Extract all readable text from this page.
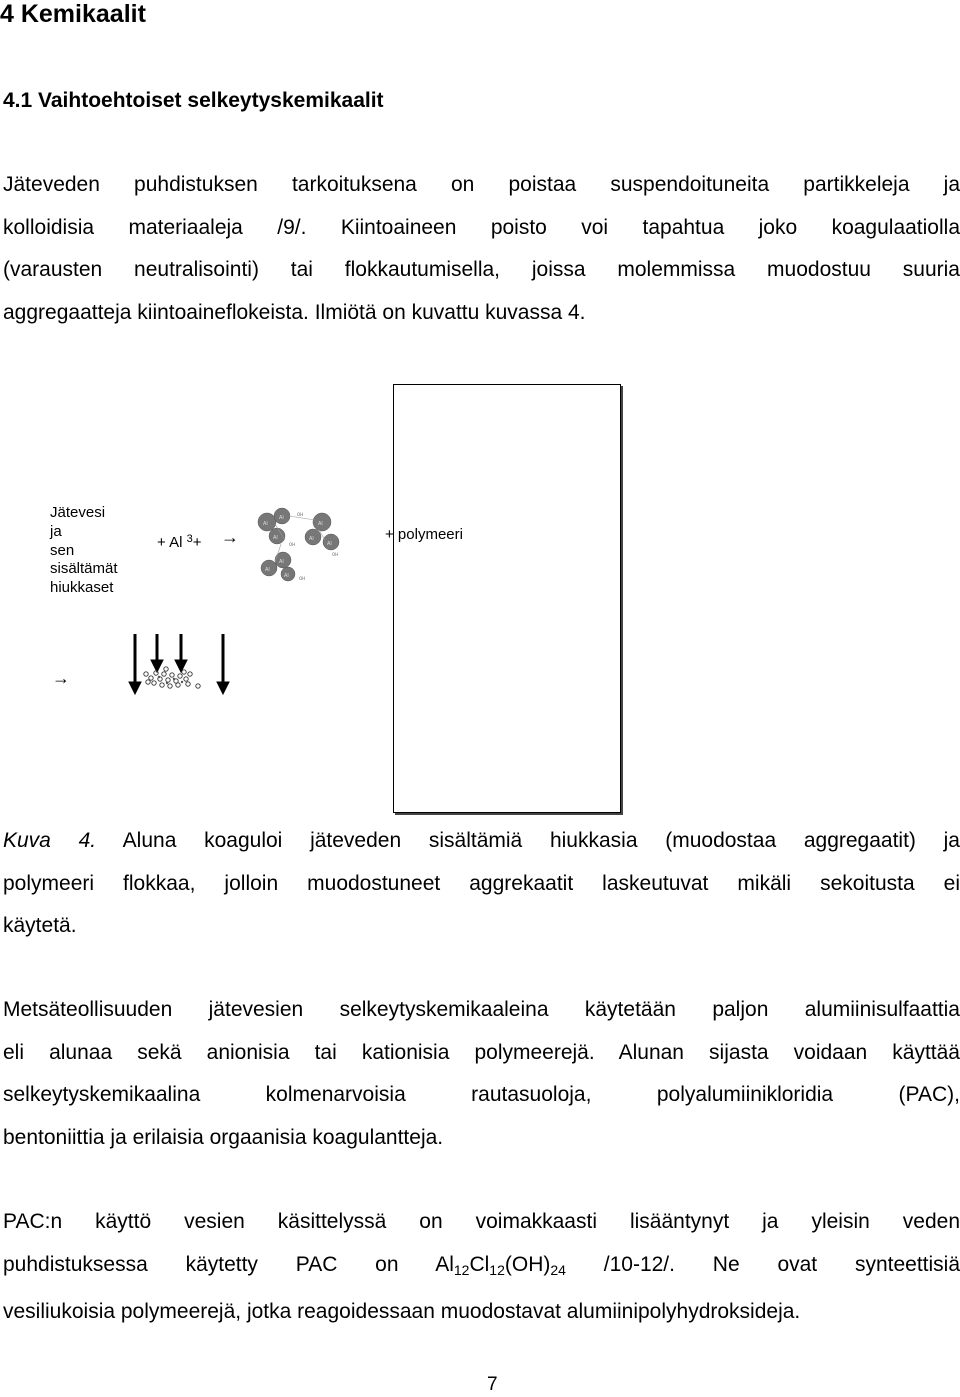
4 Kemikaalit
4.1 Vaihtoehtoiset selkeytyskemikaalit
Jäteveden puhdistuksen tarkoituksena on poistaa suspendoituneita partikkeleja ja
kolloidisia materiaaleja /9/. Kiintoaineen poisto voi tapahtua joko koagulaatiolla
(varausten neutralisointi) tai flokkautumisella, joissa molemmissa muodostuu suuria
aggregaatteja kiintoaineflokeista. Ilmiötä on kuvattu kuvassa 4.
Jätevesi
ja
sen
sisältämät
hiukkaset
+ Al $^3$+ →
Al
Al
Al
Al
Al
Al
Al
Al
Al
OH
OH
OH
OH
+ polymeeri
→
Kuva 4. Aluna koaguloi jäteveden sisältämiä hiukkasia (muodostaa aggregaatit) ja
polymeeri flokkaa, jolloin muodostuneet aggrekaatit laskeutuvat mikäli sekoitusta ei
käytetä.
Metsäteollisuuden jätevesien selkeytyskemikaaleina käytetään paljon alumiinisulfaattia
eli alunaa sekä anionisia tai kationisia polymeerejä. Alunan sijasta voidaan käyttää
selkeytyskemikaalina kolmenarvoisia rautasuoloja, polyalumiinikloridia (PAC),
bentoniittia ja erilaisia orgaanisia koagulantteja.
PAC:n käyttö vesien käsittelyssä on voimakkaasti lisääntynyt ja yleisin veden
puhdistuksessa käytetty PAC on $Al_{12}Cl_{12}(OH)_{24}$ /10-12/. Ne ovat synteettisiä
vesiliukoisia polymeerejä, jotka reagoidessaan muodostavat alumiinipolyhydroksideja.
7
